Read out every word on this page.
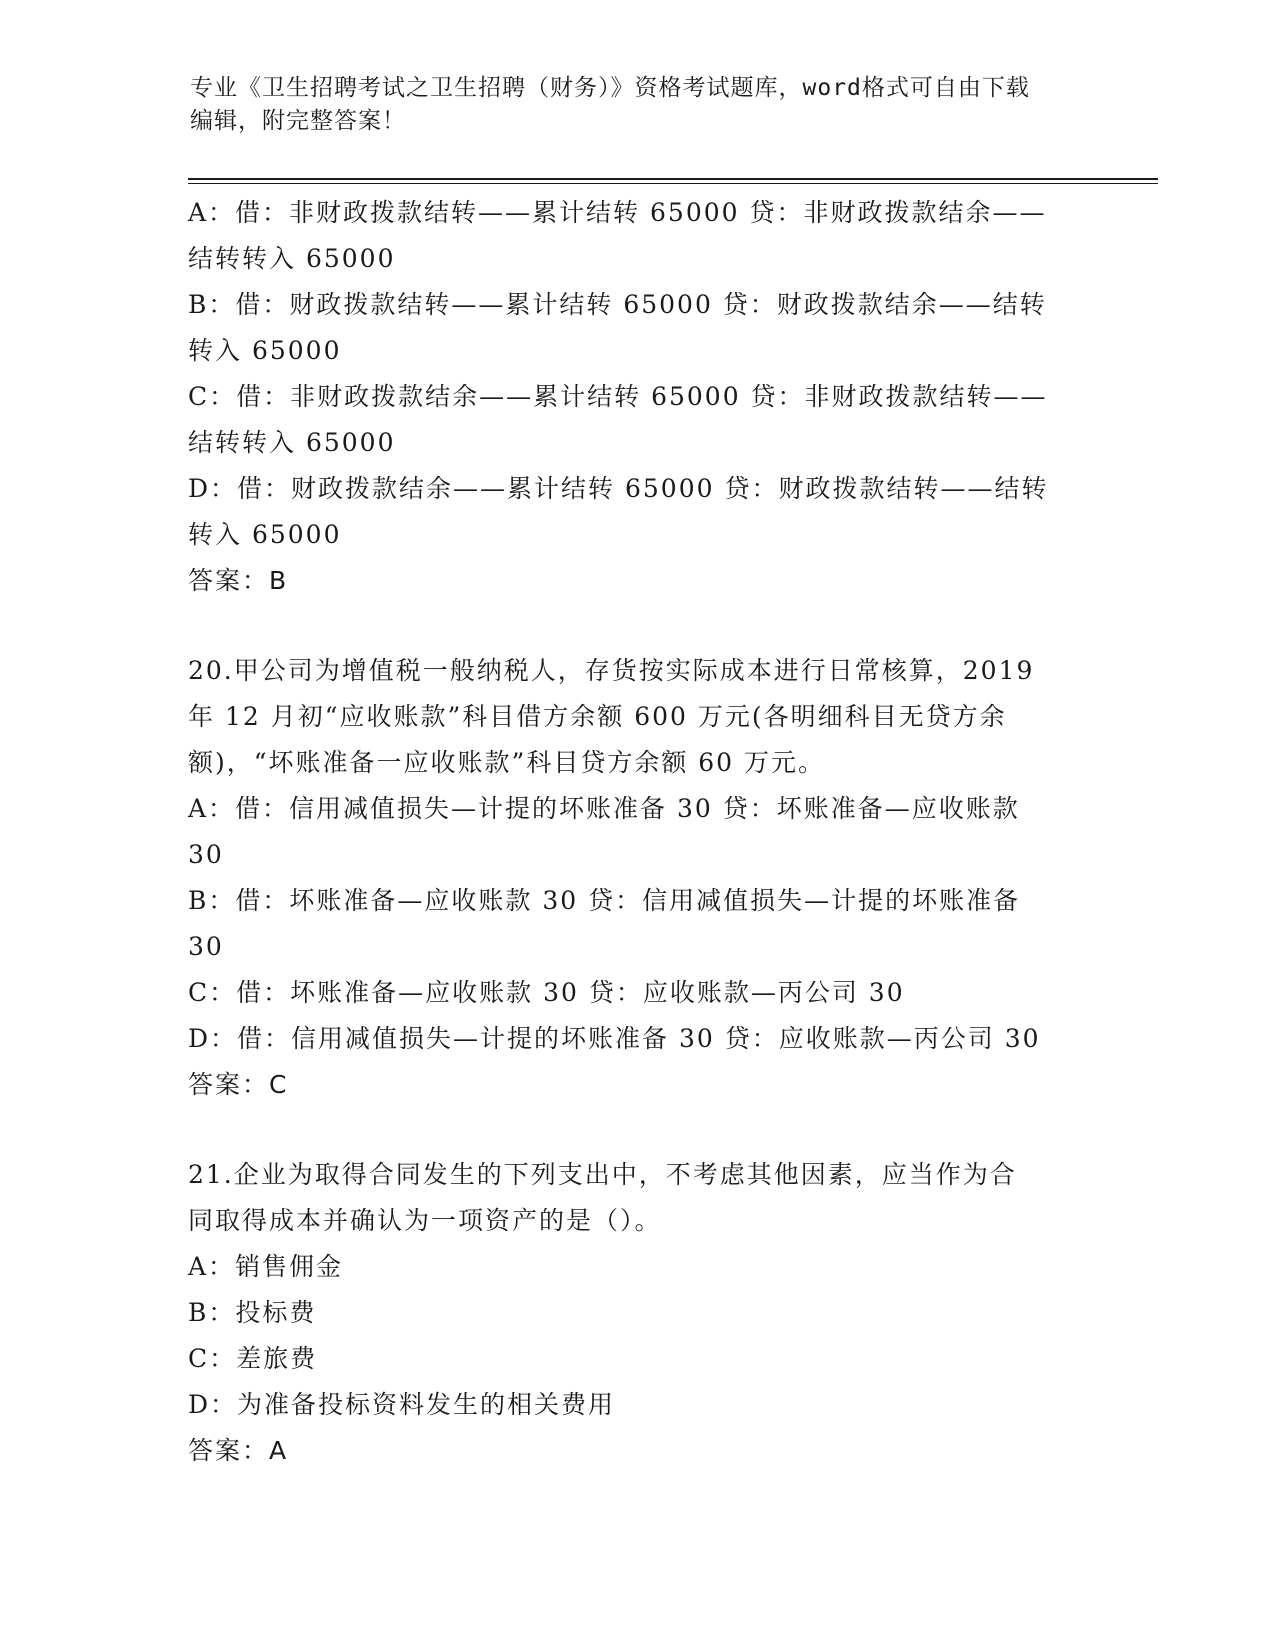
专业《卫生招聘考试之卫生招聘（财务）》资格考试题库，word格式可自由下载
编辑，附完整答案！
A：借：非财政拨款结转——累计结转 65000 贷：非财政拨款结余——
结转转入 65000
B：借：财政拨款结转——累计结转 65000 贷：财政拨款结余——结转
转入 65000
C：借：非财政拨款结余——累计结转 65000 贷：非财政拨款结转——
结转转入 65000
D：借：财政拨款结余——累计结转 65000 贷：财政拨款结转——结转
转入 65000
答案：B
20.甲公司为增值税一般纳税人，存货按实际成本进行日常核算，2019
年 12 月初“应收账款”科目借方余额 600 万元(各明细科目无贷方余
额)，“坏账准备一应收账款”科目贷方余额 60 万元。
A：借：信用减值损失—计提的坏账准备 30 贷：坏账准备—应收账款
30
B：借：坏账准备—应收账款 30 贷：信用减值损失—计提的坏账准备
30
C：借：坏账准备—应收账款 30 贷：应收账款—丙公司 30
D：借：信用减值损失—计提的坏账准备 30 贷：应收账款—丙公司 30
答案：C
21.企业为取得合同发生的下列支出中，不考虑其他因素，应当作为合
同取得成本并确认为一项资产的是（）。
A：销售佣金
B：投标费
C：差旅费
D：为准备投标资料发生的相关费用
答案：A
